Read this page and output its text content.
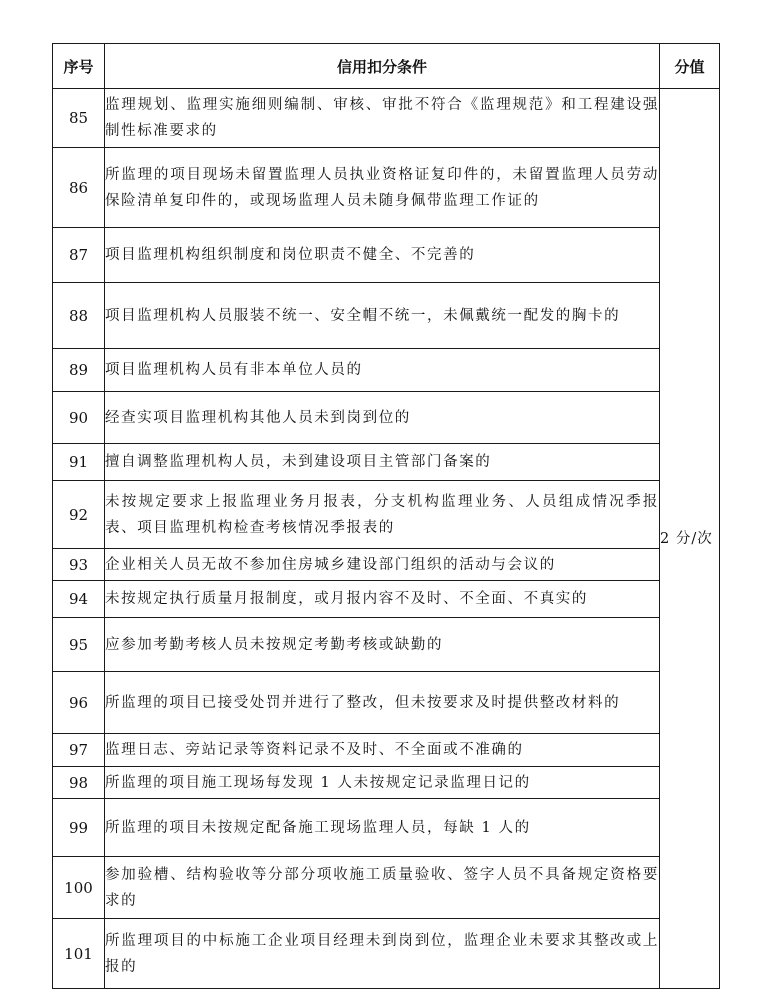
序号	信用扣分条件	分值
85	监理规划、监理实施细则编制、审核、审批不符合《监理规范》和工程建设强制性标准要求的	2 分/次
86	所监理的项目现场未留置监理人员执业资格证复印件的，未留置监理人员劳动保险清单复印件的，或现场监理人员未随身佩带监理工作证的	
87	项目监理机构组织制度和岗位职责不健全、不完善的	
88	项目监理机构人员服装不统一、安全帽不统一，未佩戴统一配发的胸卡的	
89	项目监理机构人员有非本单位人员的	
90	经查实项目监理机构其他人员未到岗到位的	
91	擅自调整监理机构人员，未到建设项目主管部门备案的	
92	未按规定要求上报监理业务月报表，分支机构监理业务、人员组成情况季报表、项目监理机构检查考核情况季报表的	
93	企业相关人员无故不参加住房城乡建设部门组织的活动与会议的	
94	未按规定执行质量月报制度，或月报内容不及时、不全面、不真实的	
95	应参加考勤考核人员未按规定考勤考核或缺勤的	
96	所监理的项目已接受处罚并进行了整改，但未按要求及时提供整改材料的	
97	监理日志、旁站记录等资料记录不及时、不全面或不准确的	
98	所监理的项目施工现场每发现 1 人未按规定记录监理日记的	
99	所监理的项目未按规定配备施工现场监理人员，每缺 1 人的	
100	参加验槽、结构验收等分部分项收施工质量验收、签字人员不具备规定资格要求的	
101	所监理项目的中标施工企业项目经理未到岗到位，监理企业未要求其整改或上报的	
